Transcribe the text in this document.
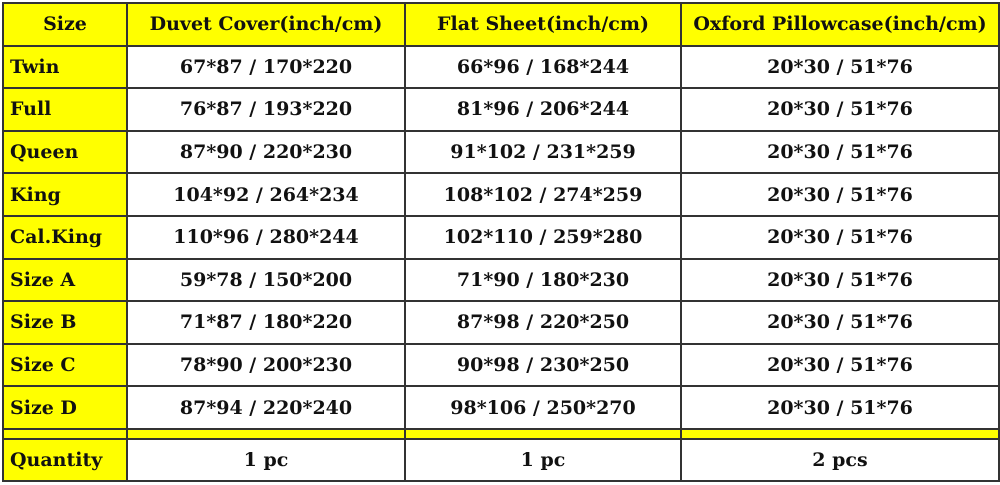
Size	Duvet Cover(inch/cm)	Flat Sheet(inch/cm)	Oxford Pillowcase(inch/cm)
Twin	67*87 / 170*220	66*96 / 168*244	20*30 / 51*76
Full	76*87 / 193*220	81*96 / 206*244	20*30 / 51*76
Queen	87*90 / 220*230	91*102 / 231*259	20*30 / 51*76
King	104*92 / 264*234	108*102 / 274*259	20*30 / 51*76
Cal.King	110*96 / 280*244	102*110 / 259*280	20*30 / 51*76
Size A	59*78 / 150*200	71*90 / 180*230	20*30 / 51*76
Size B	71*87 / 180*220	87*98 / 220*250	20*30 / 51*76
Size C	78*90 / 200*230	90*98 / 230*250	20*30 / 51*76
Size D	87*94 / 220*240	98*106 / 250*270	20*30 / 51*76

Quantity	1 pc	1 pc	2 pcs
